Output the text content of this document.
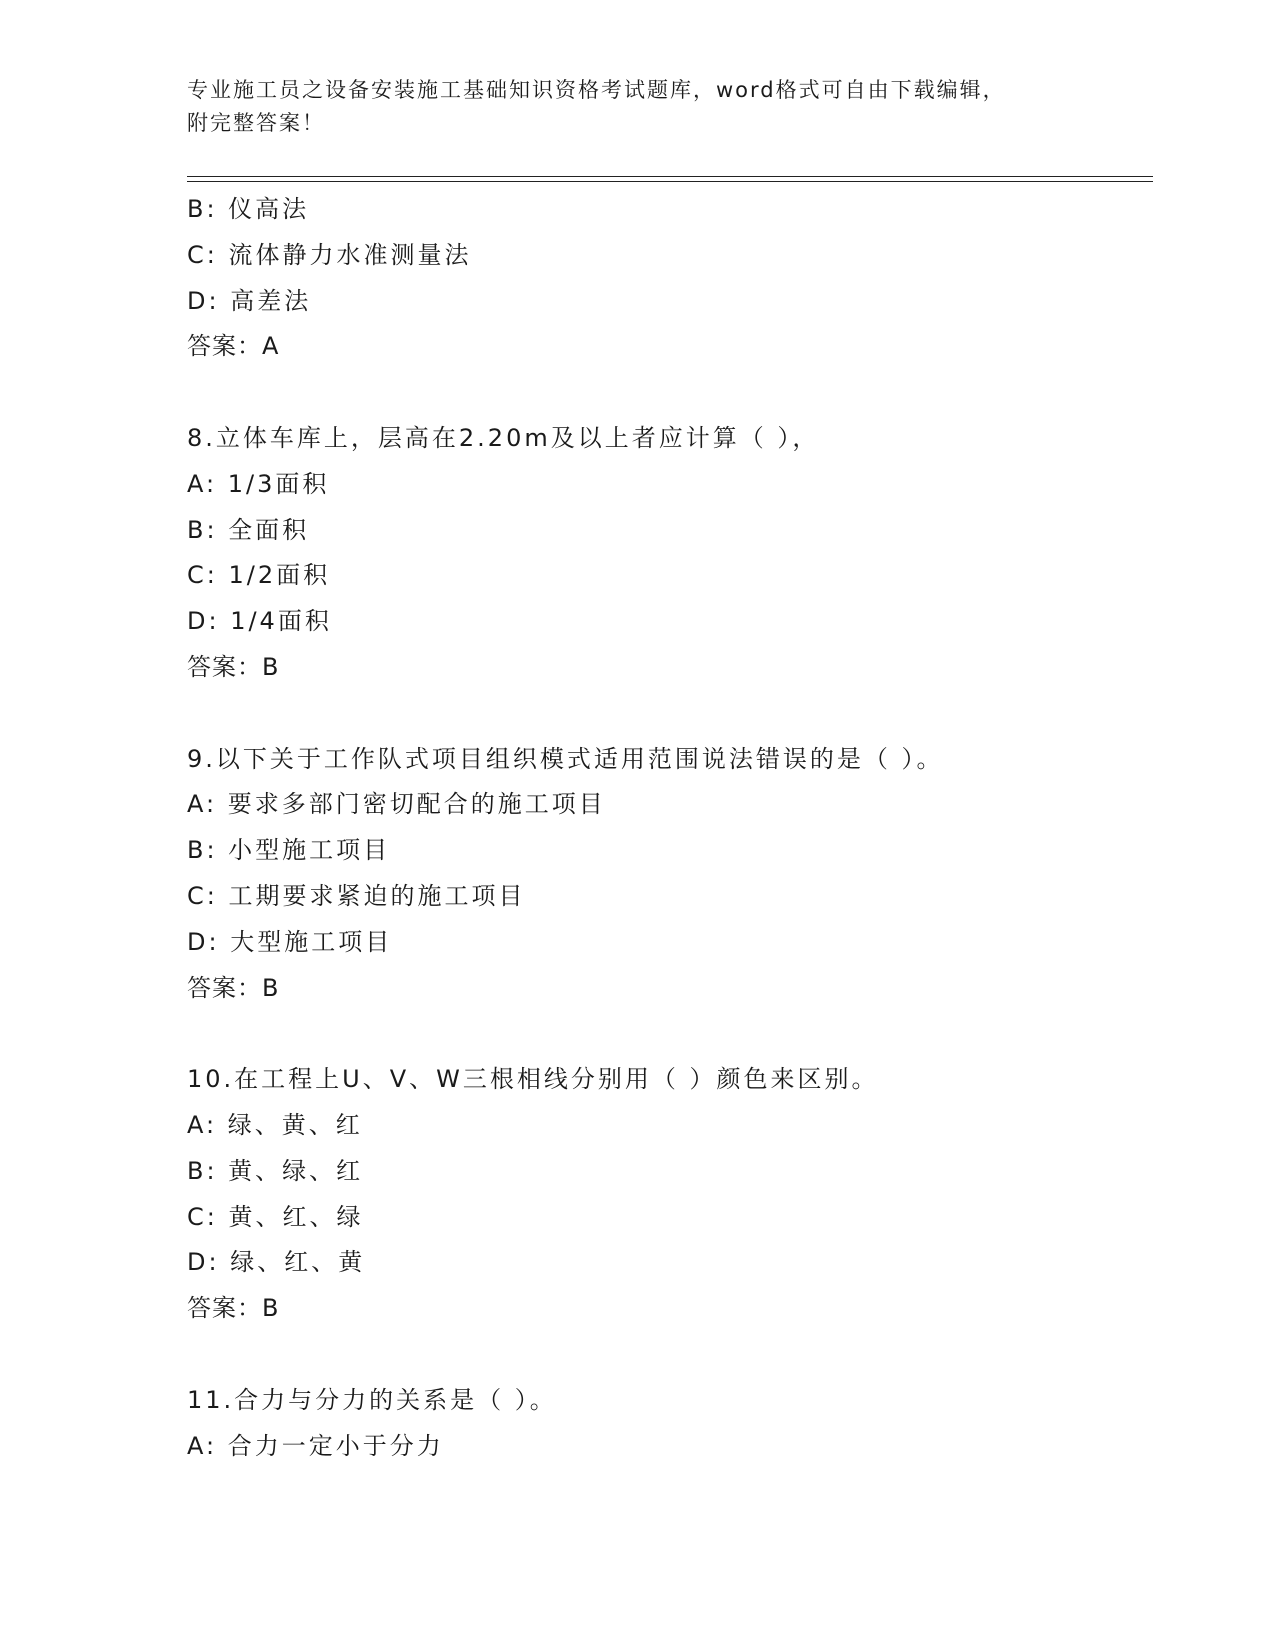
专业施工员之设备安装施工基础知识资格考试题库，word格式可自由下载编辑，
附完整答案！
B: 仪高法
C: 流体静力水准测量法
D: 高差法
答案：A
8.立体车库上，层高在2.20m及以上者应计算（ ），
A: 1/3面积
B: 全面积
C: 1/2面积
D: 1/4面积
答案：B
9.以下关于工作队式项目组织模式适用范围说法错误的是（ ）。
A: 要求多部门密切配合的施工项目
B: 小型施工项目
C: 工期要求紧迫的施工项目
D: 大型施工项目
答案：B
10.在工程上U、V、W三根相线分别用（ ）颜色来区别。
A: 绿、黄、红
B: 黄、绿、红
C: 黄、红、绿
D: 绿、红、黄
答案：B
11.合力与分力的关系是（ ）。
A: 合力一定小于分力
